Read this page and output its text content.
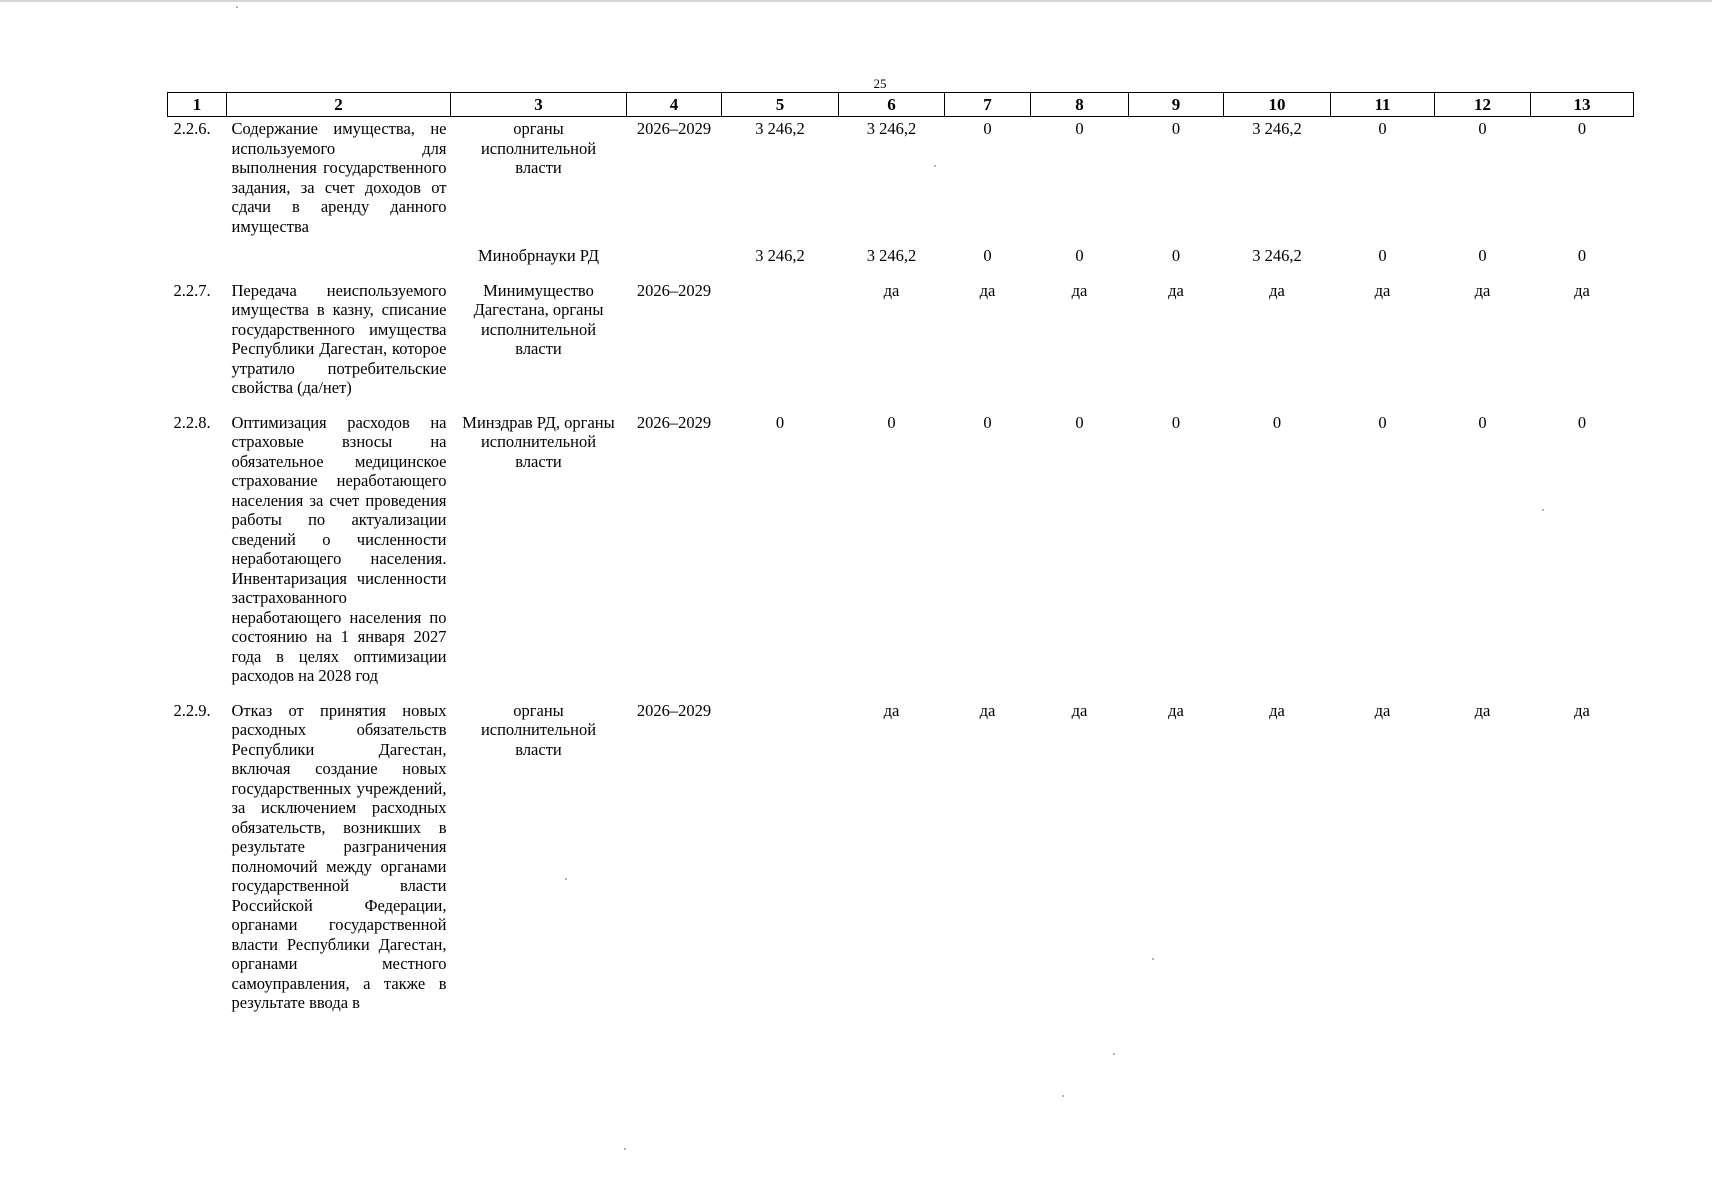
25
1	2	3	4	5	6	7	8	9	10	11	12	13
2.2.6.	Содержание имущества, не используемого для выполнения государственного задания, за счет доходов от сдачи в аренду данного имущества	органы исполнительной власти	2026–2029	3 246,2	3 246,2	0	0	0	3 246,2	0	0	0
		Минобрнауки РД		3 246,2	3 246,2	0	0	0	3 246,2	0	0	0
2.2.7.	Передача неиспользуемого имущества в казну, списание государственного имущества Республики Дагестан, которое утратило потребительские свойства (да/нет)	Минимущество Дагестана, органы исполнительной власти	2026–2029		да	да	да	да	да	да	да	да
2.2.8.	Оптимизация расходов на страховые взносы на обязательное медицинское страхование неработающего населения за счет проведения работы по актуализации сведений о численности неработающего населения. Инвентаризация численности застрахованного неработающего населения по состоянию на 1 января 2027 года в целях оптимизации расходов на 2028 год	Минздрав РД, органы исполнительной власти	2026–2029	0	0	0	0	0	0	0	0	0
2.2.9.	Отказ от принятия новых расходных обязательств Республики Дагестан, включая создание новых государственных учреждений, за исключением расходных обязательств, возникших в результате разграничения полномочий между органами государственной власти Российской Федерации, органами государственной власти Республики Дагестан, органами местного самоуправления, а также в результате ввода в	органы исполнительной власти	2026–2029		да	да	да	да	да	да	да	да
